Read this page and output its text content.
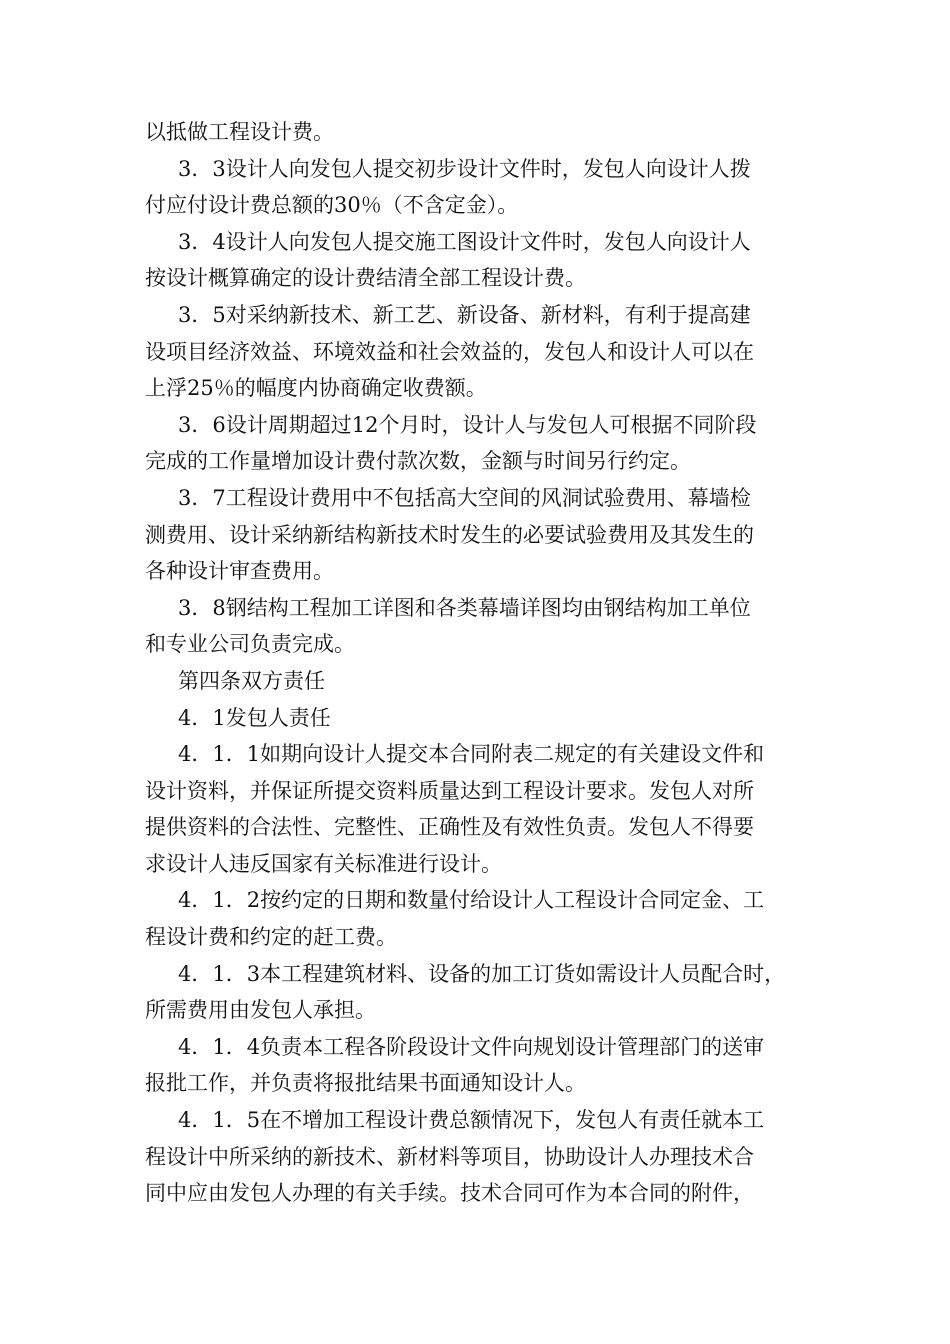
以抵做工程设计费。
3．3设计人向发包人提交初步设计文件时，发包人向设计人拨
付应付设计费总额的30％（不含定金）。
3．4设计人向发包人提交施工图设计文件时，发包人向设计人
按设计概算确定的设计费结清全部工程设计费。
3．5对采纳新技术、新工艺、新设备、新材料，有利于提高建
设项目经济效益、环境效益和社会效益的，发包人和设计人可以在
上浮25％的幅度内协商确定收费额。
3．6设计周期超过12个月时，设计人与发包人可根据不同阶段
完成的工作量增加设计费付款次数，金额与时间另行约定。
3．7工程设计费用中不包括高大空间的风洞试验费用、幕墙检
测费用、设计采纳新结构新技术时发生的必要试验费用及其发生的
各种设计审查费用。
3．8钢结构工程加工详图和各类幕墙详图均由钢结构加工单位
和专业公司负责完成。
第四条双方责任
4．1发包人责任
4．1．1如期向设计人提交本合同附表二规定的有关建设文件和
设计资料，并保证所提交资料质量达到工程设计要求。发包人对所
提供资料的合法性、完整性、正确性及有效性负责。发包人不得要
求设计人违反国家有关标准进行设计。
4．1．2按约定的日期和数量付给设计人工程设计合同定金、工
程设计费和约定的赶工费。
4．1．3本工程建筑材料、设备的加工订货如需设计人员配合时，
所需费用由发包人承担。
4．1．4负责本工程各阶段设计文件向规划设计管理部门的送审
报批工作，并负责将报批结果书面通知设计人。
4．1．5在不增加工程设计费总额情况下，发包人有责任就本工
程设计中所采纳的新技术、新材料等项目，协助设计人办理技术合
同中应由发包人办理的有关手续。技术合同可作为本合同的附件，
